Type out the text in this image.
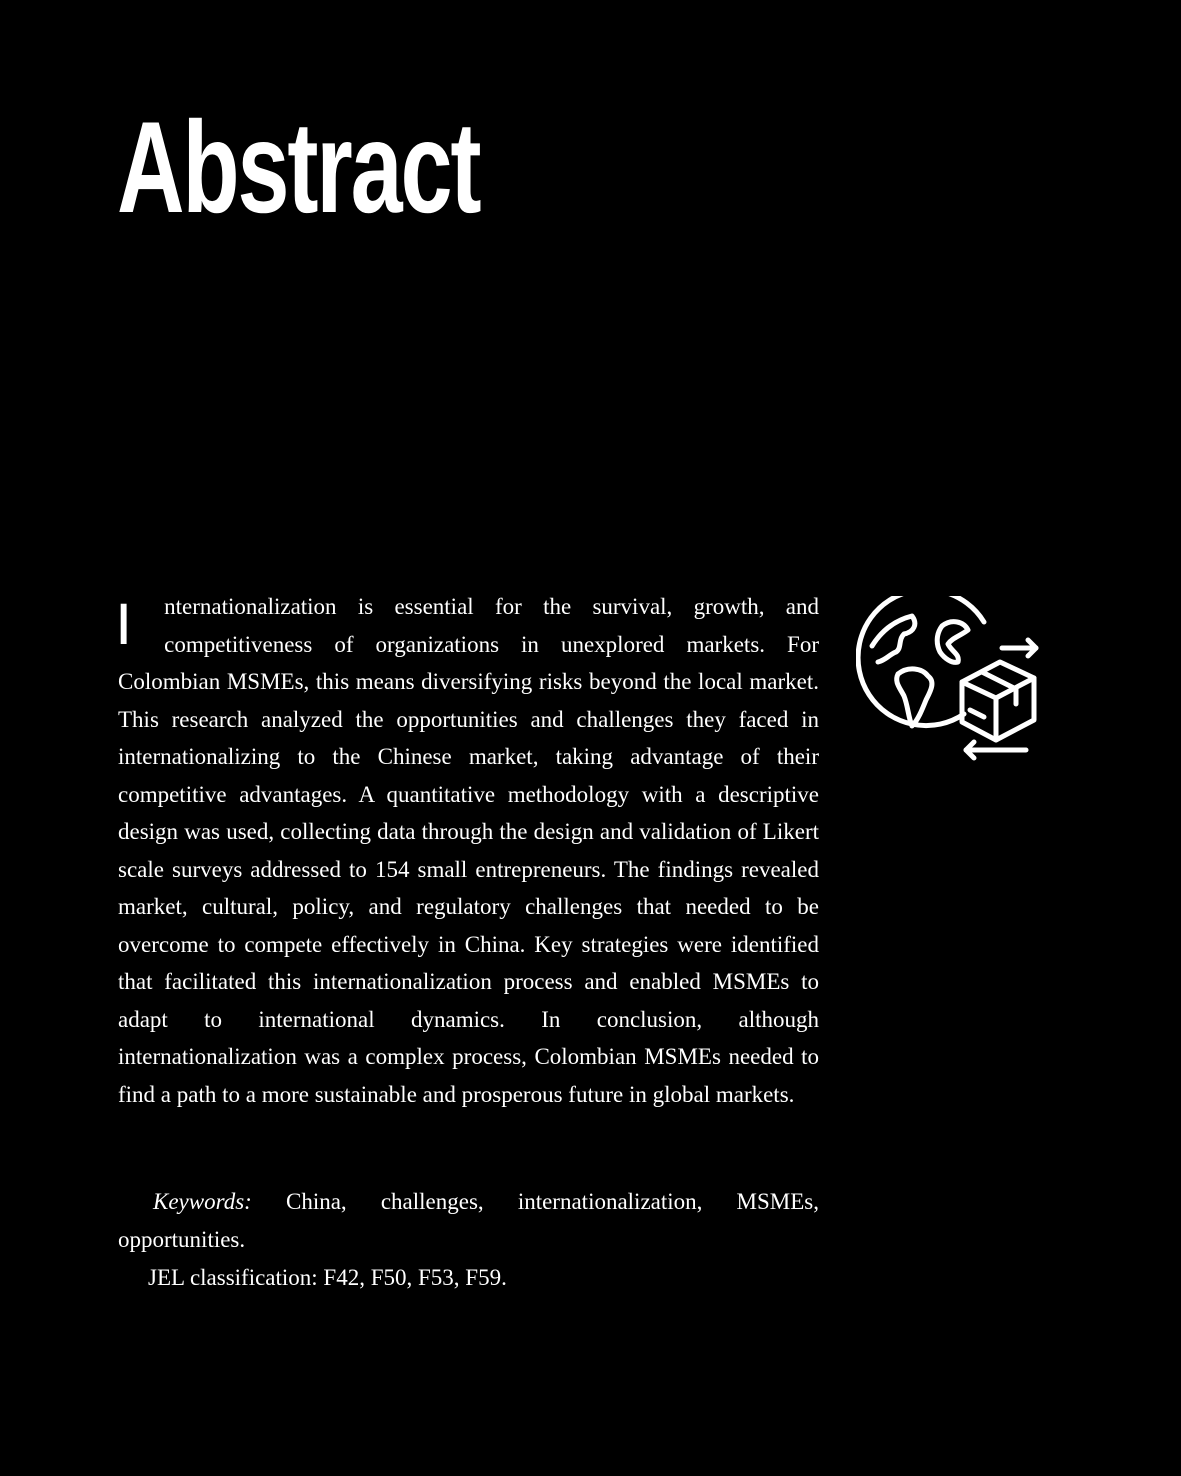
Abstract

I	nternationalization is essential for the survival, growth, and competitiveness of organizations in unexplored markets. For Colombian MSMEs, this means diversifying risks beyond the local market. This research analyzed the opportunities and challenges they faced in internationalizing to the Chinese market, taking advantage of their competitive advantages. A quantitative methodology with a descriptive design was used, collecting data through the design and validation of Likert scale surveys addressed to 154 small entrepreneurs. The findings revealed market, cultural, policy, and regulatory challenges that needed to be overcome to compete effectively in China. Key strategies were identified that facilitated this internationalization process and enabled MSMEs to adapt to international dynamics. In conclusion, although internationalization was a complex process, Colombian MSMEs needed to find a path to a more sustainable and prosperous future in global markets.

Keywords: China, challenges, internationalization, MSMEs, opportunities.

JEL classification: F42, F50, F53, F59.
